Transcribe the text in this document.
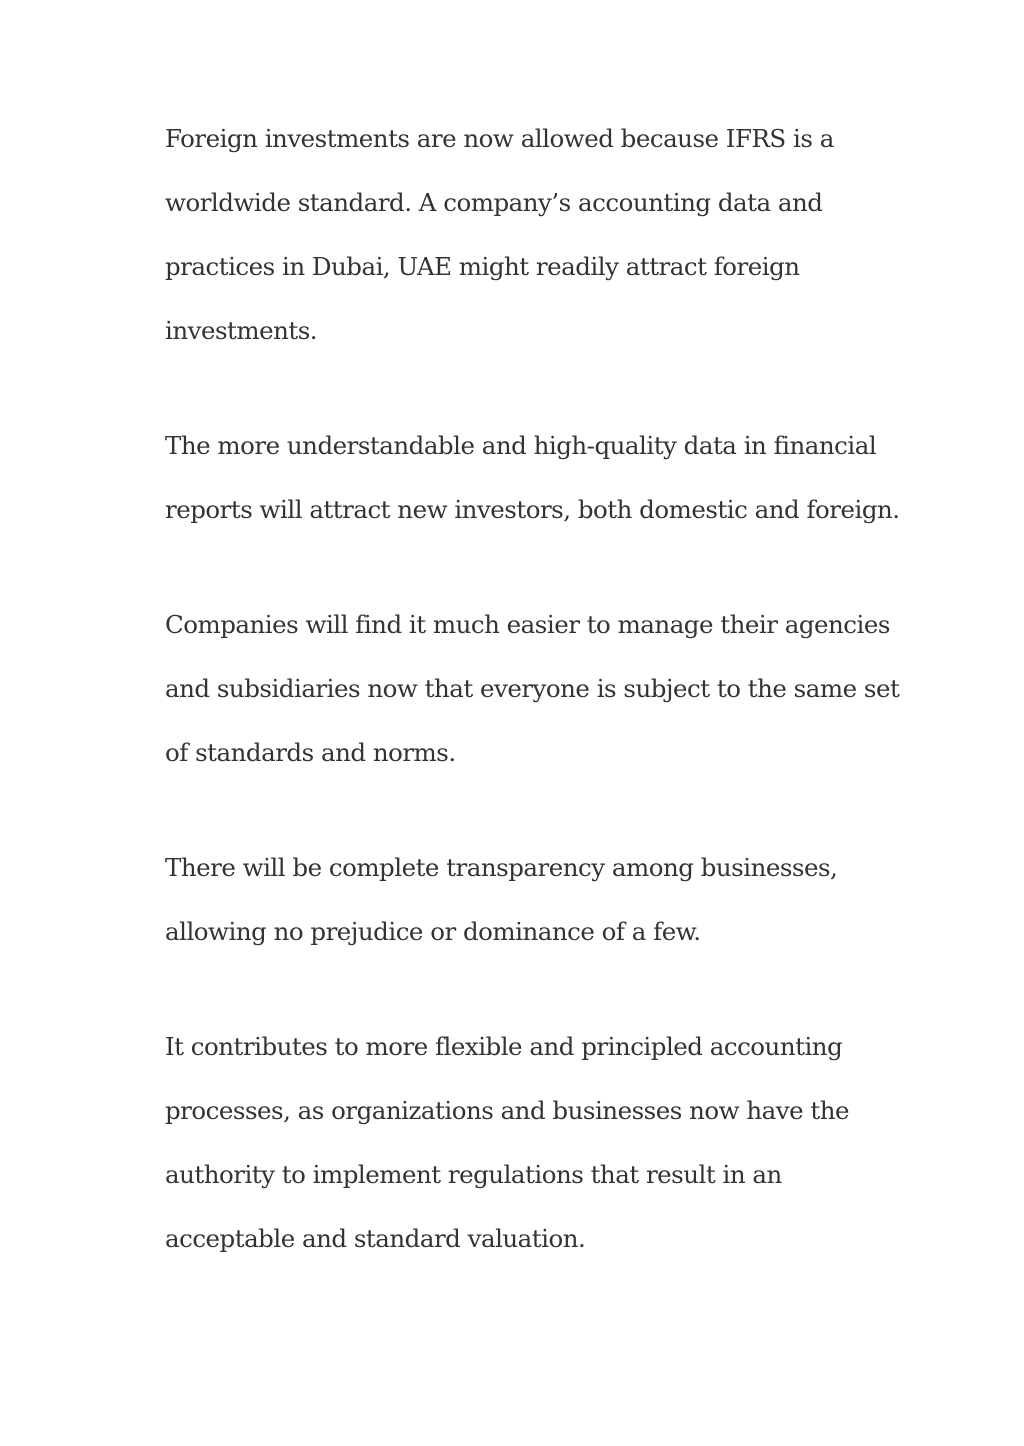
Foreign investments are now allowed because IFRS is a
worldwide standard. A company’s accounting data and
practices in Dubai, UAE might readily attract foreign
investments.
The more understandable and high-quality data in financial
reports will attract new investors, both domestic and foreign.
Companies will find it much easier to manage their agencies
and subsidiaries now that everyone is subject to the same set
of standards and norms.
There will be complete transparency among businesses,
allowing no prejudice or dominance of a few.
It contributes to more flexible and principled accounting
processes, as organizations and businesses now have the
authority to implement regulations that result in an
acceptable and standard valuation.
